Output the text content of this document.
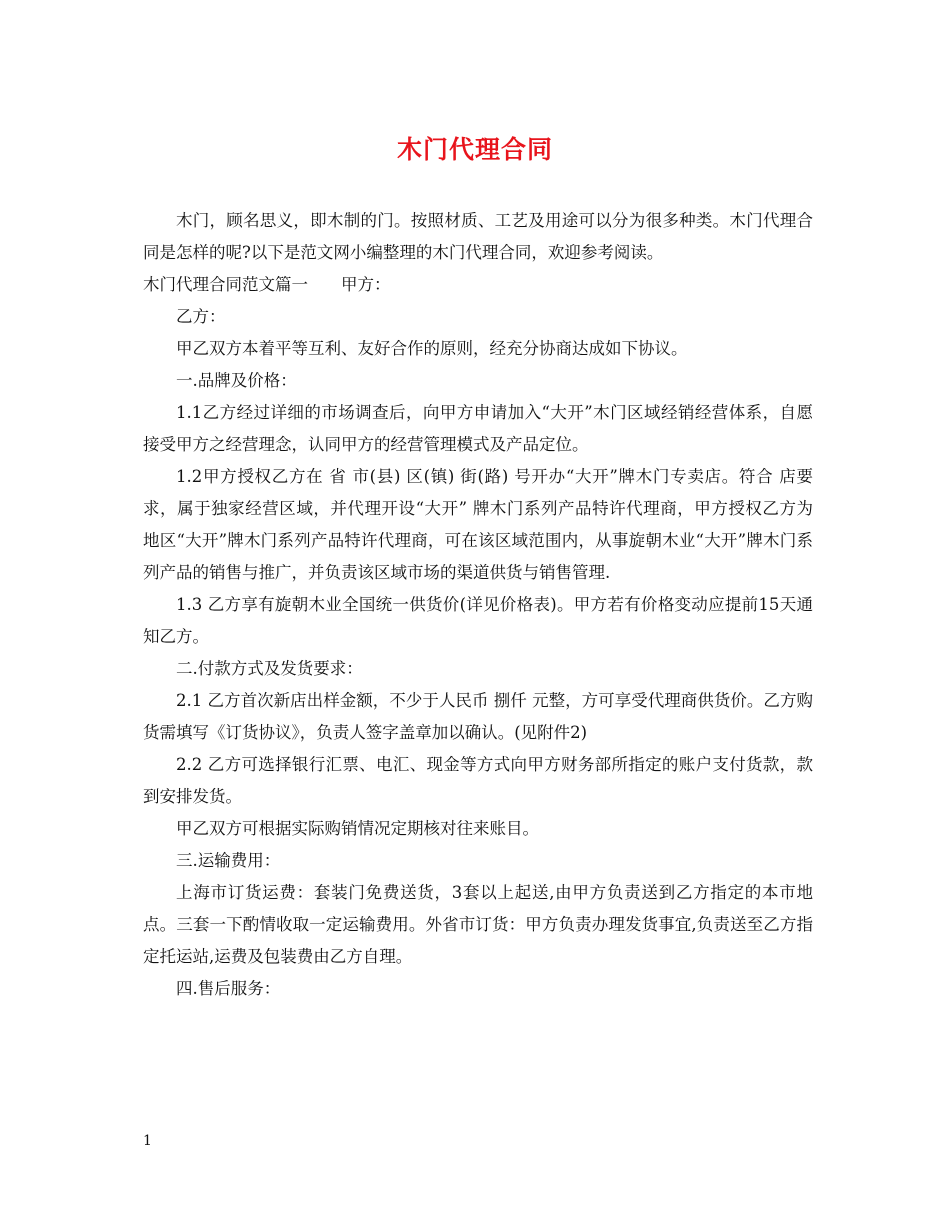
木门代理合同

木门，顾名思义，即木制的门。按照材质、工艺及用途可以分为很多种类。木门代理合同是怎样的呢?以下是范文网小编整理的木门代理合同，欢迎参考阅读。

木门代理合同范文篇一　　甲方：

乙方：

甲乙双方本着平等互利、友好合作的原则，经充分协商达成如下协议。

一.品牌及价格：

1.1乙方经过详细的市场调查后，向甲方申请加入“大开”木门区域经销经营体系，自愿接受甲方之经营理念，认同甲方的经营管理模式及产品定位。

1.2甲方授权乙方在 省 市(县) 区(镇) 街(路) 号开办“大开”牌木门专卖店。符合 店要求，属于独家经营区域，并代理开设“大开” 牌木门系列产品特许代理商，甲方授权乙方为 地区“大开”牌木门系列产品特许代理商，可在该区域范围内，从事旋朝木业“大开”牌木门系列产品的销售与推广，并负责该区域市场的渠道供货与销售管理.

1.3 乙方享有旋朝木业全国统一供货价(详见价格表)。甲方若有价格变动应提前15天通知乙方。

二.付款方式及发货要求：

2.1 乙方首次新店出样金额，不少于人民币 捌仟 元整，方可享受代理商供货价。乙方购货需填写《订货协议》，负责人签字盖章加以确认。(见附件2)

2.2 乙方可选择银行汇票、电汇、现金等方式向甲方财务部所指定的账户支付货款，款到安排发货。

甲乙双方可根据实际购销情况定期核对往来账目。

三.运输费用：

上海市订货运费：套装门免费送货，3套以上起送,由甲方负责送到乙方指定的本市地点。三套一下酌情收取一定运输费用。外省市订货：甲方负责办理发货事宜,负责送至乙方指定托运站,运费及包装费由乙方自理。

四.售后服务：

1
